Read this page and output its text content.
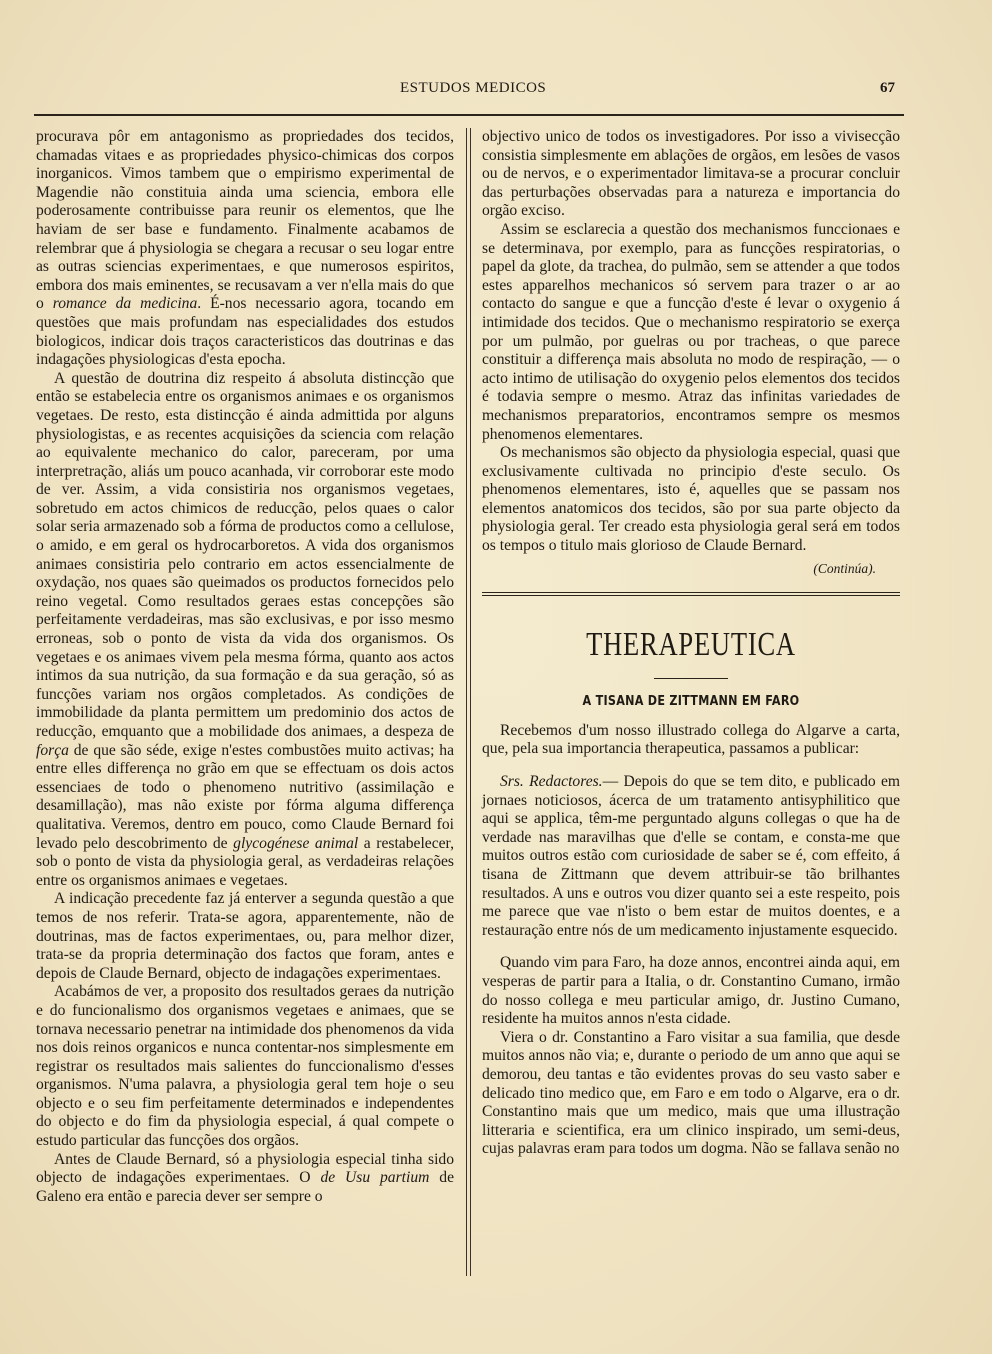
ESTUDOS MEDICOS	67

procurava pôr em antagonismo as propriedades dos tecidos, chamadas vitaes e as propriedades physico-chimicas dos corpos inorganicos. Vimos tambem que o empirismo experimental de Magendie não constituia ainda uma sciencia, embora elle poderosamente contribuisse para reunir os elementos, que lhe haviam de ser base e fundamento. Finalmente acabamos de relembrar que á physiologia se chegara a recusar o seu logar entre as outras sciencias experimentaes, e que numerosos espiritos, embora dos mais eminentes, se recusavam a ver n'ella mais do que o romance da medicina. É-nos necessario agora, tocando em questões que mais profundam nas especialidades dos estudos biologicos, indicar dois traços caracteristicos das doutrinas e das indagações physiologicas d'esta epocha.

A questão de doutrina diz respeito á absoluta distincção que então se estabelecia entre os organismos animaes e os organismos vegetaes. De resto, esta distincção é ainda admittida por alguns physiologistas, e as recentes acquisições da sciencia com relação ao equivalente mechanico do calor, pareceram, por uma interpretração, aliás um pouco acanhada, vir corroborar este modo de ver. Assim, a vida consistiria nos organismos vegetaes, sobretudo em actos chimicos de reducção, pelos quaes o calor solar seria armazenado sob a fórma de productos como a cellulose, o amido, e em geral os hydrocarboretos. A vida dos organismos animaes consistiria pelo contrario em actos essencialmente de oxydação, nos quaes são queimados os productos fornecidos pelo reino vegetal. Como resultados geraes estas concepções são perfeitamente verdadeiras, mas são exclusivas, e por isso mesmo erroneas, sob o ponto de vista da vida dos organismos. Os vegetaes e os animaes vivem pela mesma fórma, quanto aos actos intimos da sua nutrição, da sua formação e da sua geração, só as funcções variam nos orgãos completados. As condições de immobilidade da planta permittem um predominio dos actos de reducção, emquanto que a mobilidade dos animaes, a despeza de força de que são séde, exige n'estes combustões muito activas; ha entre elles differença no grão em que se effectuam os dois actos essenciaes de todo o phenomeno nutritivo (assimilação e desamillação), mas não existe por fórma alguma differença qualitativa. Veremos, dentro em pouco, como Claude Bernard foi levado pelo descobrimento de glycogénese animal a restabelecer, sob o ponto de vista da physiologia geral, as verdadeiras relações entre os organismos animaes e vegetaes.

A indicação precedente faz já enterver a segunda questão a que temos de nos referir. Trata-se agora, apparentemente, não de doutrinas, mas de factos experimentaes, ou, para melhor dizer, trata-se da propria determinação dos factos que foram, antes e depois de Claude Bernard, objecto de indagações experimentaes.

Acabámos de ver, a proposito dos resultados geraes da nutrição e do funcionalismo dos organismos vegetaes e animaes, que se tornava necessario penetrar na intimidade dos phenomenos da vida nos dois reinos organicos e nunca contentar-nos simplesmente em registrar os resultados mais salientes do funccionalismo d'esses organismos. N'uma palavra, a physiologia geral tem hoje o seu objecto e o seu fim perfeitamente determinados e independentes do objecto e do fim da physiologia especial, á qual compete o estudo particular das funcções dos orgãos.

Antes de Claude Bernard, só a physiologia especial tinha sido objecto de indagações experimentaes. O de Usu partium de Galeno era então e parecia dever ser sempre o

objectivo unico de todos os investigadores. Por isso a vivisecção consistia simplesmente em ablações de orgãos, em lesões de vasos ou de nervos, e o experimentador limitava-se a procurar concluir das perturbações observadas para a natureza e importancia do orgão exciso.

Assim se esclarecia a questão dos mechanismos funccionaes e se determinava, por exemplo, para as funcções respiratorias, o papel da glote, da trachea, do pulmão, sem se attender a que todos estes apparelhos mechanicos só servem para trazer o ar ao contacto do sangue e que a funcção d'este é levar o oxygenio á intimidade dos tecidos. Que o mechanismo respiratorio se exerça por um pulmão, por guelras ou por tracheas, o que parece constituir a differença mais absoluta no modo de respiração, — o acto intimo de utilisação do oxygenio pelos elementos dos tecidos é todavia sempre o mesmo. Atraz das infinitas variedades de mechanismos preparatorios, encontramos sempre os mesmos phenomenos elementares.

Os mechanismos são objecto da physiologia especial, quasi que exclusivamente cultivada no principio d'este seculo. Os phenomenos elementares, isto é, aquelles que se passam nos elementos anatomicos dos tecidos, são por sua parte objecto da physiologia geral. Ter creado esta physiologia geral será em todos os tempos o titulo mais glorioso de Claude Bernard.

(Continúa).
THERAPEUTICA
A TISANA DE ZITTMANN EM FARO

Recebemos d'um nosso illustrado collega do Algarve a carta, que, pela sua importancia therapeutica, passamos a publicar:

Srs. Redactores.— Depois do que se tem dito, e publicado em jornaes noticiosos, ácerca de um tratamento antisyphilitico que aqui se applica, têm-me perguntado alguns collegas o que ha de verdade nas maravilhas que d'elle se contam, e consta-me que muitos outros estão com curiosidade de saber se é, com effeito, á tisana de Zittmann que devem attribuir-se tão brilhantes resultados. A uns e outros vou dizer quanto sei a este respeito, pois me parece que vae n'isto o bem estar de muitos doentes, e a restauração entre nós de um medicamento injustamente esquecido.

Quando vim para Faro, ha doze annos, encontrei ainda aqui, em vesperas de partir para a Italia, o dr. Constantino Cumano, irmão do nosso collega e meu particular amigo, dr. Justino Cumano, residente ha muitos annos n'esta cidade.

Viera o dr. Constantino a Faro visitar a sua familia, que desde muitos annos não via; e, durante o periodo de um anno que aqui se demorou, deu tantas e tão evidentes provas do seu vasto saber e delicado tino medico que, em Faro e em todo o Algarve, era o dr. Constantino mais que um medico, mais que uma illustração litteraria e scientifica, era um clinico inspirado, um semi-deus, cujas palavras eram para todos um dogma. Não se fallava senão no
